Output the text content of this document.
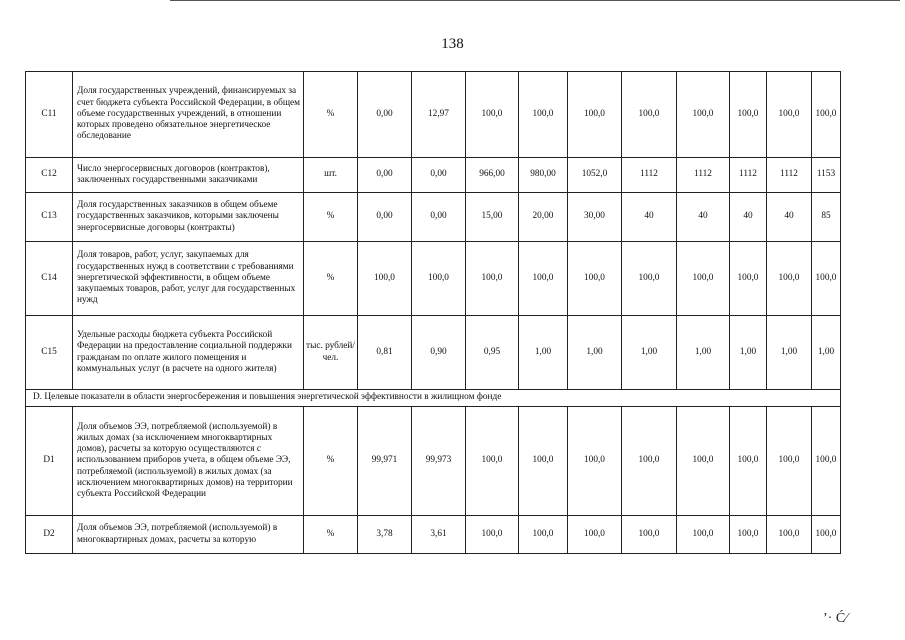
138
C11	Доля государственных учреждений, финансируемых за счет бюджета субъекта Российской Федерации, в общем объеме государственных учреждений, в отношении которых проведено обязательное энергетическое обследование	%	0,00	12,97	100,0	100,0	100,0	100,0	100,0	100,0	100,0	100,0
C12	Число энергосервисных договоров (контрактов), заключенных государственными заказчиками	шт.	0,00	0,00	966,00	980,00	1052,0	1112	1112	1112	1112	1153
C13	Доля государственных заказчиков в общем объеме государственных заказчиков, которыми заключены энергосервисные договоры (контракты)	%	0,00	0,00	15,00	20,00	30,00	40	40	40	40	85
C14	Доля товаров, работ, услуг, закупаемых для государственных нужд в соответствии с требованиями энергетической эффективности, в общем объеме закупаемых товаров, работ, услуг для государственных нужд	%	100,0	100,0	100,0	100,0	100,0	100,0	100,0	100,0	100,0	100,0
C15	Удельные расходы бюджета субъекта Российской Федерации на предоставление социальной поддержки гражданам по оплате жилого помещения и коммунальных услуг (в расчете на одного жителя)	тыс. рублей/ чел.	0,81	0,90	0,95	1,00	1,00	1,00	1,00	1,00	1,00	1,00
D. Целевые показатели в области энергосбережения и повышения энергетической эффективности в жилищном фонде												
D1	Доля объемов ЭЭ, потребляемой (используемой) в жилых домах (за исключением многоквартирных домов), расчеты за которую осуществляются с использованием приборов учета, в общем объеме ЭЭ, потребляемой (используемой) в жилых домах (за исключением многоквартирных домов) на территории субъекта Российской Федерации	%	99,971	99,973	100,0	100,0	100,0	100,0	100,0	100,0	100,0	100,0
D2	Доля объемов ЭЭ, потребляемой (используемой) в многоквартирных домах, расчеты за которую	%	3,78	3,61	100,0	100,0	100,0	100,0	100,0	100,0	100,0	100,0
’· Ć⁄
